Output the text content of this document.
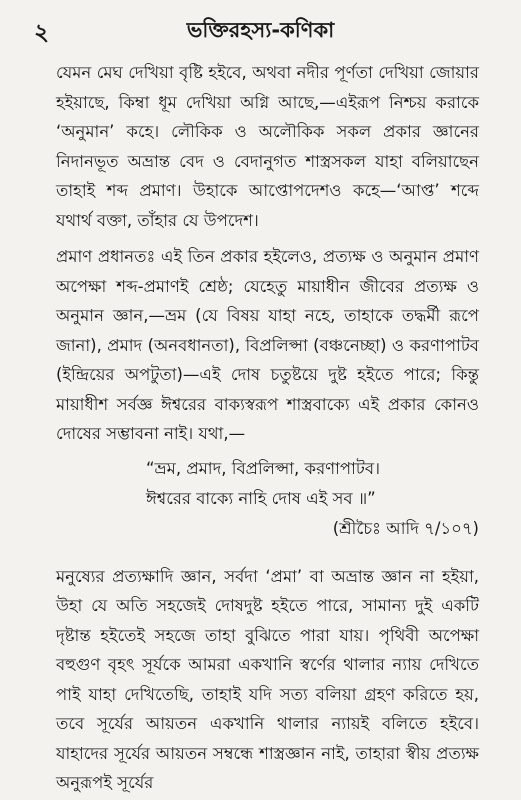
২	ভক্তিরহস্য-কণিকা

যেমন মেঘ দেখিয়া বৃষ্টি হইবে, অথবা নদীর পূর্ণতা দেখিয়া জোয়ার হইয়াছে, কিম্বা ধূম দেখিয়া অগ্নি আছে,—এইরূপ নিশ্চয় করাকে ‘অনুমান’ কহে। লৌকিক ও অলৌকিক সকল প্রকার জ্ঞানের নিদানভূত অভ্রান্ত বেদ ও বেদানুগত শাস্ত্রসকল যাহা বলিয়াছেন তাহাই শব্দ প্রমাণ। উহাকে আপ্তোপদেশও কহে—‘আপ্ত’ শব্দে যথার্থ বক্তা, তাঁহার যে উপদেশ।

প্রমাণ প্রধানতঃ এই তিন প্রকার হইলেও, প্রত্যক্ষ ও অনুমান প্রমাণ অপেক্ষা শব্দ-প্রমাণই শ্রেষ্ঠ; যেহেতু মায়াধীন জীবের প্রত্যক্ষ ও অনুমান জ্ঞান,—ভ্রম (যে বিষয় যাহা নহে, তাহাকে তদ্ধর্মী রূপে জানা), প্রমাদ (অনবধানতা), বিপ্রলিপ্সা (বঞ্চনেচ্ছা) ও করণাপাটব (ইন্দ্রিয়ের অপটুতা)—এই দোষ চতুষ্টয়ে দুষ্ট হইতে পারে; কিন্তু মায়াধীশ সর্বজ্ঞ ঈশ্বরের বাক্যস্বরূপ শাস্ত্রবাক্যে এই প্রকার কোনও দোষের সম্ভাবনা নাই। যথা,—

“ভ্রম, প্রমাদ, বিপ্রলিপ্সা, করণাপাটব।
ঈশ্বরের বাক্যে নাহি দোষ এই সব ॥”

(শ্রীচৈঃ আদি ৭/১০৭)

মনুষ্যের প্রত্যক্ষাদি জ্ঞান, সর্বদা ‘প্রমা’ বা অভ্রান্ত জ্ঞান না হইয়া, উহা যে অতি সহজেই দোষদুষ্ট হইতে পারে, সামান্য দুই একটি দৃষ্টান্ত হইতেই সহজে তাহা বুঝিতে পারা যায়। পৃথিবী অপেক্ষা বহুগুণ বৃহৎ সূর্যকে আমরা একখানি স্বর্ণের থালার ন্যায় দেখিতে পাই যাহা দেখিতেছি, তাহাই যদি সত্য বলিয়া গ্রহণ করিতে হয়, তবে সূর্যের আয়তন একখানি থালার ন্যায়ই বলিতে হইবে। যাহাদের সূর্যের আয়তন সম্বন্ধে শাস্ত্রজ্ঞান নাই, তাহারা স্বীয় প্রত্যক্ষ অনুরূপই সূর্যের
